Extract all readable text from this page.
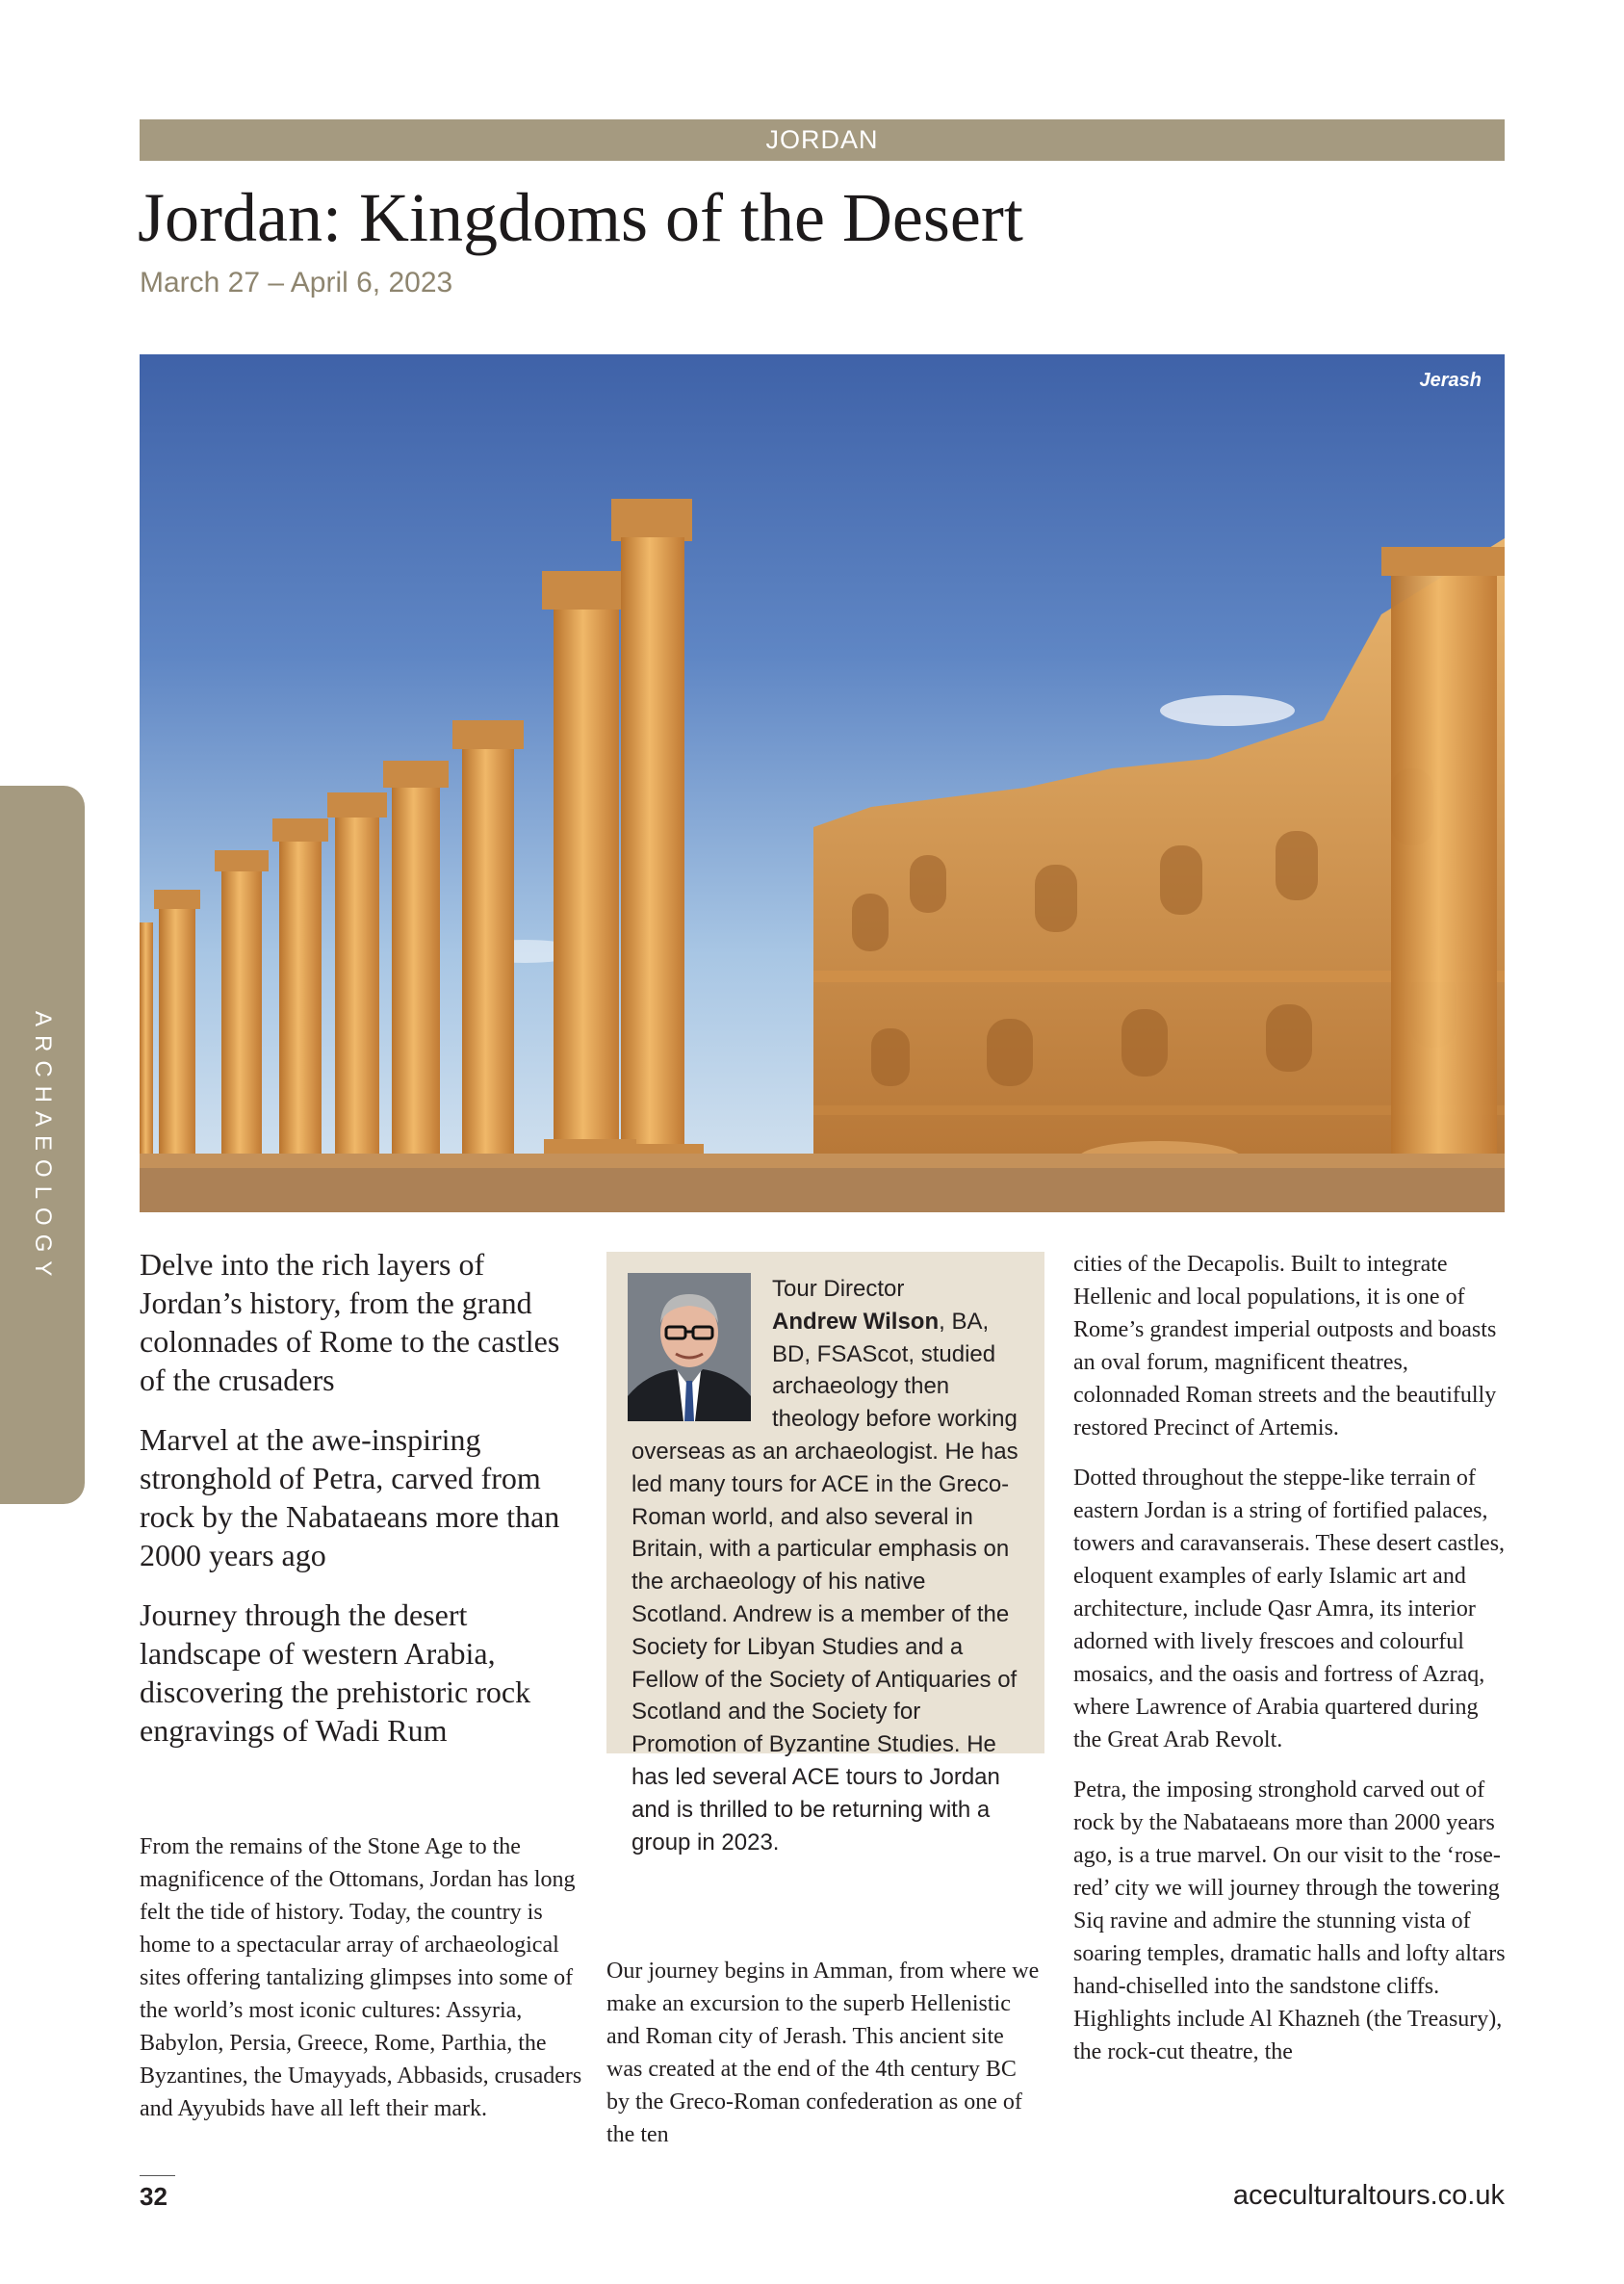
JORDAN
Jordan: Kingdoms of the Desert
March 27 – April 6, 2023
Jerash
ARCHAEOLOGY	Delve into the rich layers of Jordan’s history, from the grand colonnades of Rome to the castles of the crusaders

Marvel at the awe-inspiring stronghold of Petra, carved from rock by the Nabataeans more than 2000 years ago

Journey through the desert landscape of western Arabia, discovering the prehistoric rock engravings of Wadi Rum

From the remains of the Stone Age to the magnificence of the Ottomans, Jordan has long felt the tide of history. Today, the country is home to a spectacular array of archaeological sites offering tantalizing glimpses into some of the world’s most iconic cultures: Assyria, Babylon, Persia, Greece, Rome, Parthia, the Byzantines, the Umayyads, Abbasids, crusaders and Ayyubids have all left their mark.

Tour Director
Andrew Wilson, BA, BD, FSAScot, studied archaeology then theology before working overseas as an archaeologist. He has led many tours for ACE in the Greco-Roman world, and also several in Britain, with a particular emphasis on the archaeology of his native Scotland. Andrew is a member of the Society for Libyan Studies and a Fellow of the Society of Antiquaries of Scotland and the Society for Promotion of Byzantine Studies. He has led several ACE tours to Jordan and is thrilled to be returning with a group in 2023.

Our journey begins in Amman, from where we make an excursion to the superb Hellenistic and Roman city of Jerash. This ancient site was created at the end of the 4th century BC by the Greco-Roman confederation as one of the ten

cities of the Decapolis. Built to integrate Hellenic and local populations, it is one of Rome’s grandest imperial outposts and boasts an oval forum, magnificent theatres, colonnaded Roman streets and the beautifully restored Precinct of Artemis.

Dotted throughout the steppe-like terrain of eastern Jordan is a string of fortified palaces, towers and caravanserais. These desert castles, eloquent examples of early Islamic art and architecture, include Qasr Amra, its interior adorned with lively frescoes and colourful mosaics, and the oasis and fortress of Azraq, where Lawrence of Arabia quartered during the Great Arab Revolt.

Petra, the imposing stronghold carved out of rock by the Nabataeans more than 2000 years ago, is a true marvel. On our visit to the ‘rose-red’ city we will journey through the towering Siq ravine and admire the stunning vista of soaring temples, dramatic halls and lofty altars hand-chiselled into the sandstone cliffs. Highlights include Al Khazneh (the Treasury), the rock-cut theatre, the

32	aceculturaltours.co.uk
